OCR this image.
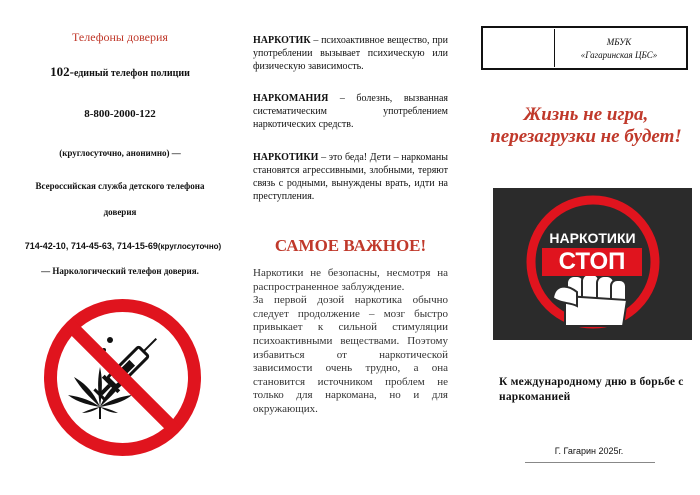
Телефоны доверия
102-единый телефон полиции
8-800-2000-122
(круглосуточно, анонимно) —
Всероссийская служба детского телефона
доверия
714-42-10, 714-45-63, 714-15-69(круглосуточно)
— Наркологический телефон доверия.
НАРКОТИК – психоактивное вещество, при употреблении вызывает психическую или физическую зависимость.
НАРКОМАНИЯ – болезнь, вызванная систематическим употреблением наркотических средств.
НАРКОТИКИ – это беда! Дети – наркоманы становятся агрессивными, злобными, теряют связь с родными, вынуждены врать, идти на преступления.
САМОЕ ВАЖНОЕ!
Наркотики не безопасны, несмотря на распространенное заблуждение.
За первой дозой наркотика обычно следует продолжение – мозг быстро привыкает к сильной стимуляции психоактивными веществами. Поэтому избавиться от наркотической зависимости очень трудно, а она становится источником проблем не только для наркомана, но и для окружающих.
МБУК
«Гагаринская ЦБС»
Жизнь не игра, перезагрузки не будет!
НАРКОТИКИ
СТОП
К международному дню в борьбе с наркоманией
Г. Гагарин 2025г.
